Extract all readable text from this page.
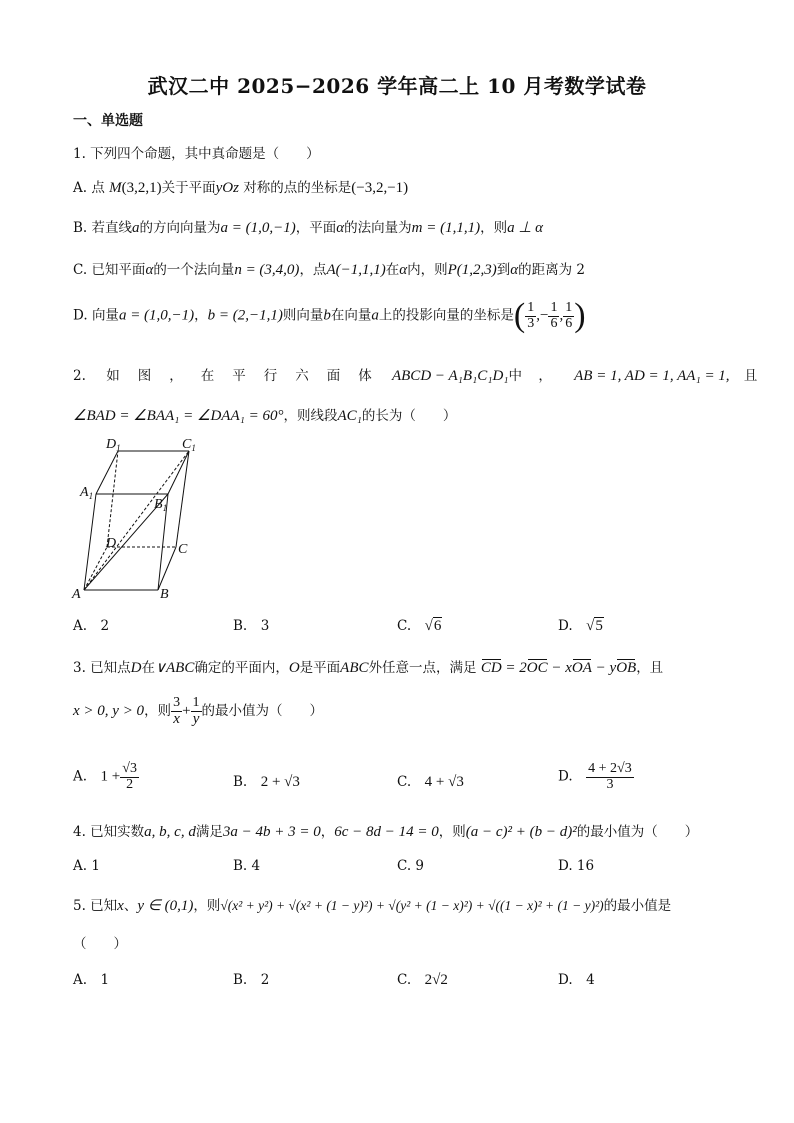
武汉二中 2025−2026 学年高二上 10 月考数学试卷
一、单选题
1. 下列四个命题，其中真命题是（　　）
A. 点 M(3,2,1)关于平面yOz 对称的点的坐标是(−3,2,−1)
B. 若直线a的方向向量为a = (1,0,−1)，平面α的法向量为m = (1,1,1)，则a ⊥ α
C. 已知平面α的一个法向量n = (3,4,0)，点A(−1,1,1)在α内，则P(1,2,3)到α的距离为 2
D. 向量a = (1,0,−1)，b = (2,−1,1)则向量b在向量a上的投影向量的坐标是( $\frac{1}{3}$ ,− $\frac{1}{6}$ , $\frac{1}{6}$ )
2. 如 图 ， 在 平 行 六 面 体 ABCD − A₁B₁C₁D₁中 ， AB = 1, AD = 1, AA₁ = 1, 且
∠BAD = ∠BAA₁ = ∠DAA₁ = 60°，则线段AC₁的长为（　　）
$D_1$	$C_1$
$A_1$
$B_1$
D	C
A	B
A.　2	B.　3	C.　 √6	D.　 √5
3. 已知点D在∨ABC确定的平面内，O是平面ABC外任意一点，满足 CD = 2OC − xOA − yOB，且
x > 0, y > 0，则 $\frac{3}{x} + \frac{1}{y}$ 的最小值为（　　）
A.　 $1 + \frac{√3}{2}$	B.　 2 + √3	C.　 4 + √3	D.　 $\frac{4 + 2√3}{3}$
4. 已知实数a, b, c, d满足3a − 4b + 3 = 0，6c − 8d − 14 = 0，则(a − c)² + (b − d)²的最小值为（　　）
A. 1	B. 4	C. 9	D. 16
5. 已知x、y ∈ (0,1)，则√(x² + y²) + √(x² + (1 − y)²) + √(y² + (1 − x)²) + √((1 − x)² + (1 − y)²)的最小值是
（　　）
A.　1	B.　2	C.　 2√2	D.　4
